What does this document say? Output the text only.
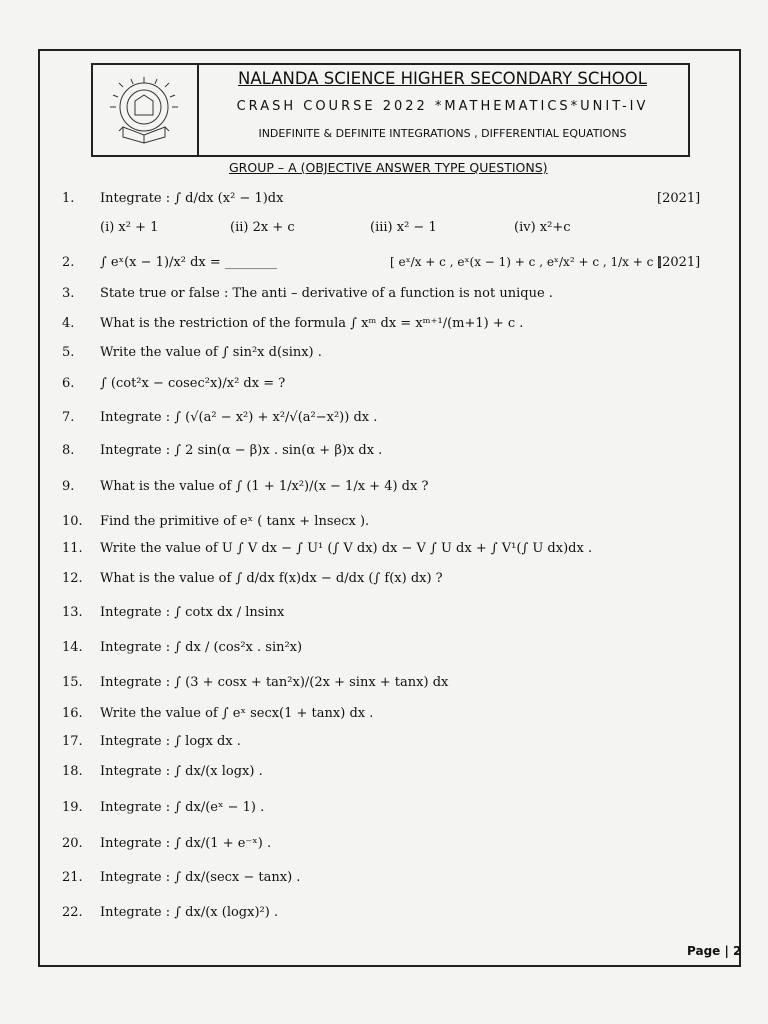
NALANDA SCIENCE HIGHER SECONDARY SCHOOL
CRASH COURSE 2022 *MATHEMATICS*UNIT-IV
INDEFINITE & DEFINITE INTEGRATIONS , DIFFERENTIAL EQUATIONS
GROUP – A (OBJECTIVE ANSWER TYPE QUESTIONS)
1.	Integrate : ∫ d/dx (x² − 1)dx	[2021]
(i) x² + 1	(ii) 2x + c	(iii) x² − 1	(iv) x²+c
2.	∫ eˣ(x − 1)/x² dx = ________	[2021]
[ eˣ/x + c , eˣ(x − 1) + c , eˣ/x² + c , 1/x + c ]
3.	State true or false : The anti – derivative of a function is not unique .
4.	What is the restriction of the formula ∫ xᵐ dx = xᵐ⁺¹/(m+1) + c .
5.	Write the value of ∫ sin²x d(sinx) .
6.	∫ (cot²x − cosec²x)/x² dx = ?
7.	Integrate : ∫ (√(a² − x²) + x²/√(a²−x²)) dx .
8.	Integrate : ∫ 2 sin(α − β)x . sin(α + β)x dx .
9.	What is the value of ∫ (1 + 1/x²)/(x − 1/x + 4) dx ?
10. Find the primitive of eˣ ( tanx + lnsecx ).
11. Write the value of U ∫ V dx − ∫ U¹ (∫ V dx) dx − V ∫ U dx + ∫ V¹(∫ U dx)dx .
12. What is the value of ∫ d/dx f(x)dx − d/dx (∫ f(x) dx) ?
13. Integrate : ∫ cotx dx / lnsinx
14. Integrate : ∫ dx / (cos²x . sin²x)
15. Integrate : ∫ (3 + cosx + tan²x)/(2x + sinx + tanx) dx
16. Write the value of ∫ eˣ secx(1 + tanx) dx .
17. Integrate : ∫ logx dx .
18. Integrate : ∫ dx/(x logx) .
19. Integrate : ∫ dx/(eˣ − 1) .
20. Integrate : ∫ dx/(1 + e⁻ˣ) .
21. Integrate : ∫ dx/(secx − tanx) .
22. Integrate : ∫ dx/(x (logx)²) .
Page | 2
